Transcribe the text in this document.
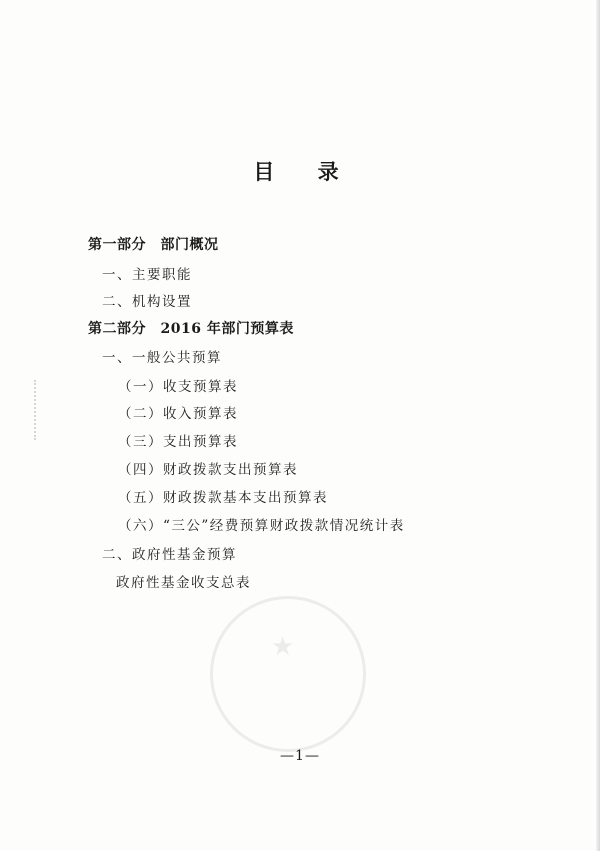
★
目 录
第一部分　部门概况
一、主要职能
二、机构设置
第二部分　2016 年部门预算表
一、一般公共预算
（一）收支预算表
（二）收入预算表
（三）支出预算表
（四）财政拨款支出预算表
（五）财政拨款基本支出预算表
（六）“三公”经费预算财政拨款情况统计表
二、政府性基金预算
政府性基金收支总表
—1—
